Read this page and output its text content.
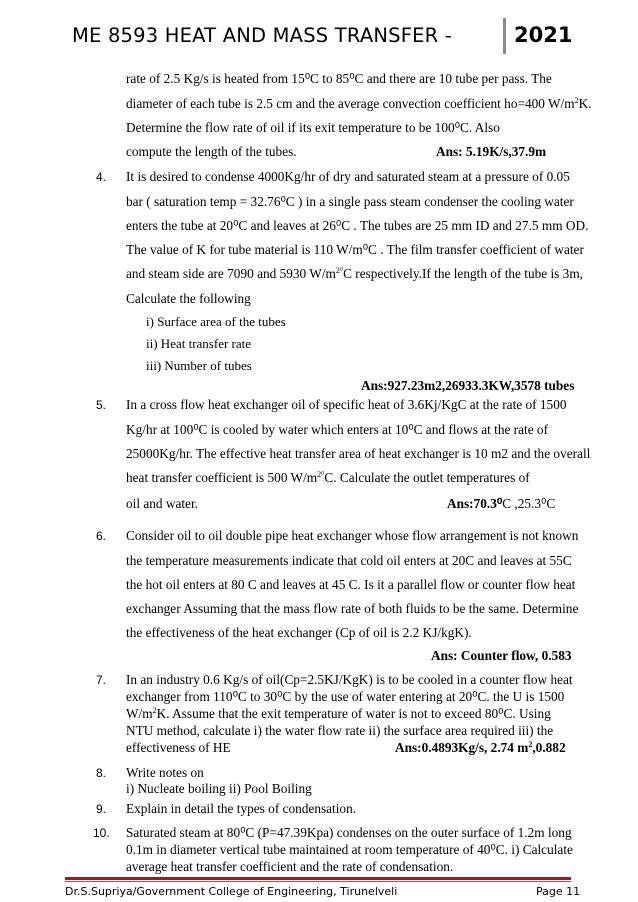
ME 8593 HEAT AND MASS TRANSFER -	2021
rate of 2.5 Kg/s is heated from 15⁰C to 85⁰C and there are 10 tube per pass. The
diameter of each tube is 2.5 cm and the average convection coefficient ho=400 $W/m^2K$.
Determine the flow rate of oil if its exit temperature to be 100⁰C. Also
compute the length of the tubes.	Ans: 5.19K/s,37.9m
4. It is desired to condense 4000Kg/hr of dry and saturated steam at a pressure of 0.05
bar ( saturation temp = 32.76⁰C ) in a single pass steam condenser the cooling water
enters the tube at 20⁰C and leaves at 26⁰C . The tubes are 25 mm ID and 27.5 mm OD.
The value of K for tube material is 110 W/m⁰C . The film transfer coefficient of water
and steam side are 7090 and 5930 $W/m^{2^0}C$ respectively.If the length of the tube is 3m,
Calculate the following
i) Surface area of the tubes
ii) Heat transfer rate
iii) Number of tubes
Ans:927.23m2,26933.3KW,3578 tubes
5. In a cross flow heat exchanger oil of specific heat of 3.6Kj/KgC at the rate of 1500
Kg/hr at 100⁰C is cooled by water which enters at 10⁰C and flows at the rate of
25000Kg/hr. The effective heat transfer area of heat exchanger is 10 m2 and the overall
heat transfer coefficient is 500 $W/m^{2^0}C$. Calculate the outlet temperatures of
oil and water.	Ans:70.3⁰C ,25.3⁰C
6. Consider oil to oil double pipe heat exchanger whose flow arrangement is not known
the temperature measurements indicate that cold oil enters at 20C and leaves at 55C
the hot oil enters at 80 C and leaves at 45 C. Is it a parallel flow or counter flow heat
exchanger Assuming that the mass flow rate of both fluids to be the same. Determine
the effectiveness of the heat exchanger (Cp of oil is 2.2 KJ/kgK).
Ans: Counter flow, 0.583
7. In an industry 0.6 Kg/s of oil(Cp=2.5KJ/KgK) is to be cooled in a counter flow heat
exchanger from 110⁰C to 30⁰C by the use of water entering at 20⁰C. the U is 1500
$W/m^2K$. Assume that the exit temperature of water is not to exceed 80⁰C. Using
NTU method, calculate i) the water flow rate ii) the surface area required iii) the
effectiveness of HE	Ans:0.4893Kg/s, 2.74 $m^2,0.882$
8. Write notes on
i) Nucleate boiling ii) Pool Boiling
9. Explain in detail the types of condensation.
10. Saturated steam at 80⁰C (P=47.39Kpa) condenses on the outer surface of 1.2m long
0.1m in diameter vertical tube maintained at room temperature of 40⁰C. i) Calculate
average heat transfer coefficient and the rate of condensation.
Dr.S.Supriya/Government College of Engineering, Tirunelveli	Page 11
